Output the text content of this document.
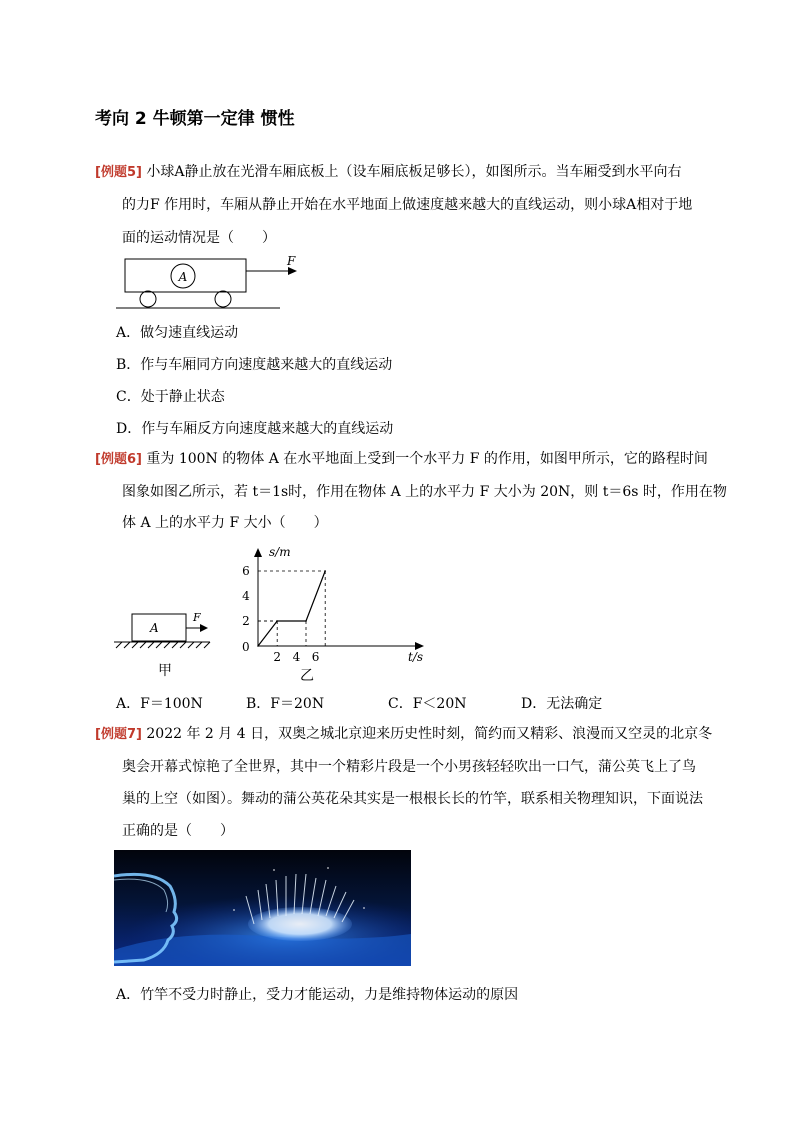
考向 2 牛顿第一定律 惯性
[例题5] 小球A静止放在光滑车厢底板上（设车厢底板足够长），如图所示。当车厢受到水平向右
的力F 作用时，车厢从静止开始在水平地面上做速度越来越大的直线运动，则小球A相对于地
面的运动情况是（　　）
A
F
A．做匀速直线运动
B．作与车厢同方向速度越来越大的直线运动
C．处于静止状态
D．作与车厢反方向速度越来越大的直线运动
[例题6] 重为 100N 的物体 A 在水平地面上受到一个水平力 F 的作用，如图甲所示，它的路程时间
图象如图乙所示，若 t＝1s时，作用在物体 A 上的水平力 F 大小为 20N，则 t＝6s 时，作用在物
体 A 上的水平力 F 大小（　　）
A
F
甲
s/m
t/s
0
乙
2
4
6
2 4 6
A．F＝100N	B．F＝20N	C．F＜20N	D．无法确定
[例题7] 2022 年 2 月 4 日，双奥之城北京迎来历史性时刻，简约而又精彩、浪漫而又空灵的北京冬
奥会开幕式惊艳了全世界，其中一个精彩片段是一个小男孩轻轻吹出一口气，蒲公英飞上了鸟
巢的上空（如图）。舞动的蒲公英花朵其实是一根根长长的竹竿，联系相关物理知识，下面说法
正确的是（　　）
A．竹竿不受力时静止，受力才能运动，力是维持物体运动的原因
